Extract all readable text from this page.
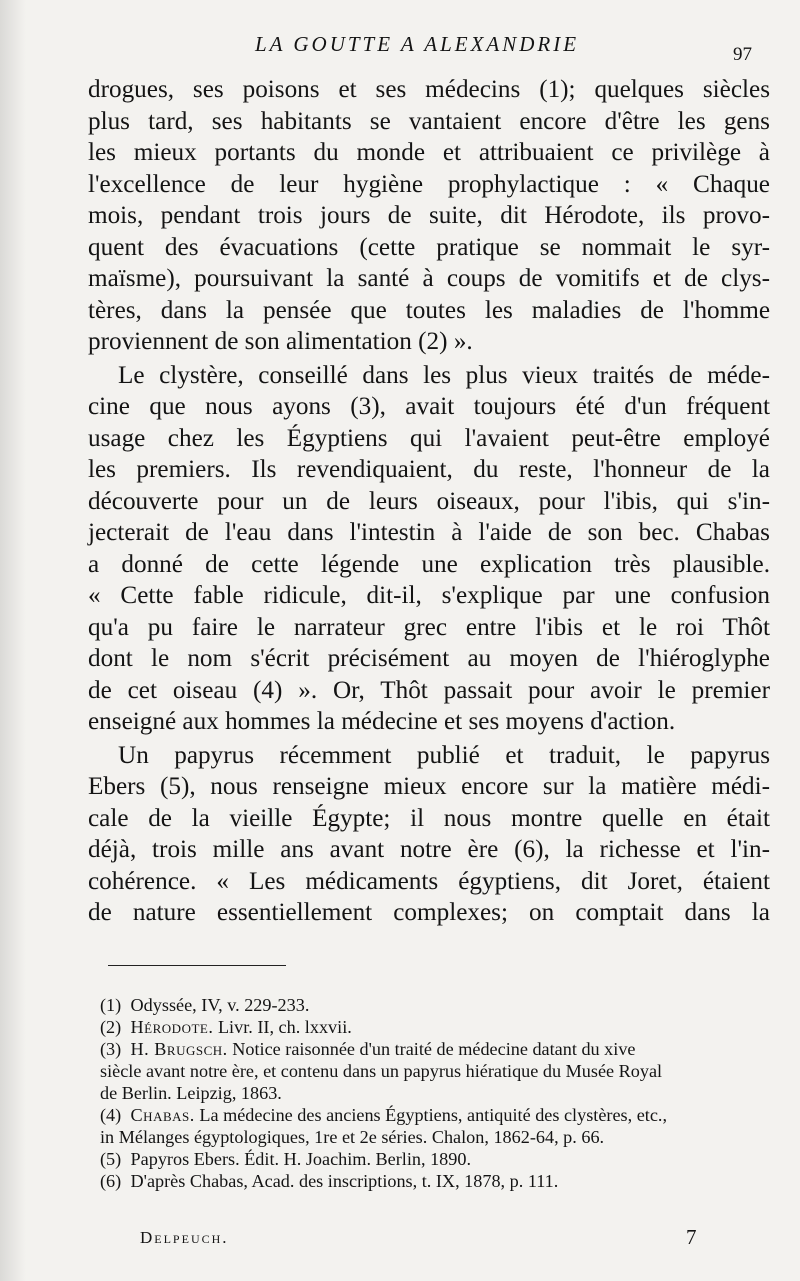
LA GOUTTE A ALEXANDRIE	97
drogues, ses poisons et ses médecins (1); quelques siècles
plus tard, ses habitants se vantaient encore d'être les gens
les mieux portants du monde et attribuaient ce privilège à
l'excellence de leur hygiène prophylactique : « Chaque
mois, pendant trois jours de suite, dit Hérodote, ils provo-
quent des évacuations (cette pratique se nommait le syr-
maïsme), poursuivant la santé à coups de vomitifs et de clys-
tères, dans la pensée que toutes les maladies de l'homme
proviennent de son alimentation (2) ».
Le clystère, conseillé dans les plus vieux traités de méde-
cine que nous ayons (3), avait toujours été d'un fréquent
usage chez les Égyptiens qui l'avaient peut-être employé
les premiers. Ils revendiquaient, du reste, l'honneur de la
découverte pour un de leurs oiseaux, pour l'ibis, qui s'in-
jecterait de l'eau dans l'intestin à l'aide de son bec. Chabas
a donné de cette légende une explication très plausible.
« Cette fable ridicule, dit-il, s'explique par une confusion
qu'a pu faire le narrateur grec entre l'ibis et le roi Thôt
dont le nom s'écrit précisément au moyen de l'hiéroglyphe
de cet oiseau (4) ». Or, Thôt passait pour avoir le premier
enseigné aux hommes la médecine et ses moyens d'action.
Un papyrus récemment publié et traduit, le papyrus
Ebers (5), nous renseigne mieux encore sur la matière médi-
cale de la vieille Égypte; il nous montre quelle en était
déjà, trois mille ans avant notre ère (6), la richesse et l'in-
cohérence. « Les médicaments égyptiens, dit Joret, étaient
de nature essentiellement complexes; on comptait dans la

(1) Odyssée, IV, v. 229-233.

(2) Hérodote. Livr. II, ch. lxxvii.

(3) H. Brugsch. Notice raisonnée d'un traité de médecine datant du xive

siècle avant notre ère, et contenu dans un papyrus hiératique du Musée Royal

de Berlin. Leipzig, 1863.

(4) Chabas. La médecine des anciens Égyptiens, antiquité des clystères, etc.,

in Mélanges égyptologiques, 1re et 2e séries. Chalon, 1862-64, p. 66.

(5) Papyros Ebers. Édit. H. Joachim. Berlin, 1890.

(6) D'après Chabas, Acad. des inscriptions, t. IX, 1878, p. 111.

Delpeuch.	7
